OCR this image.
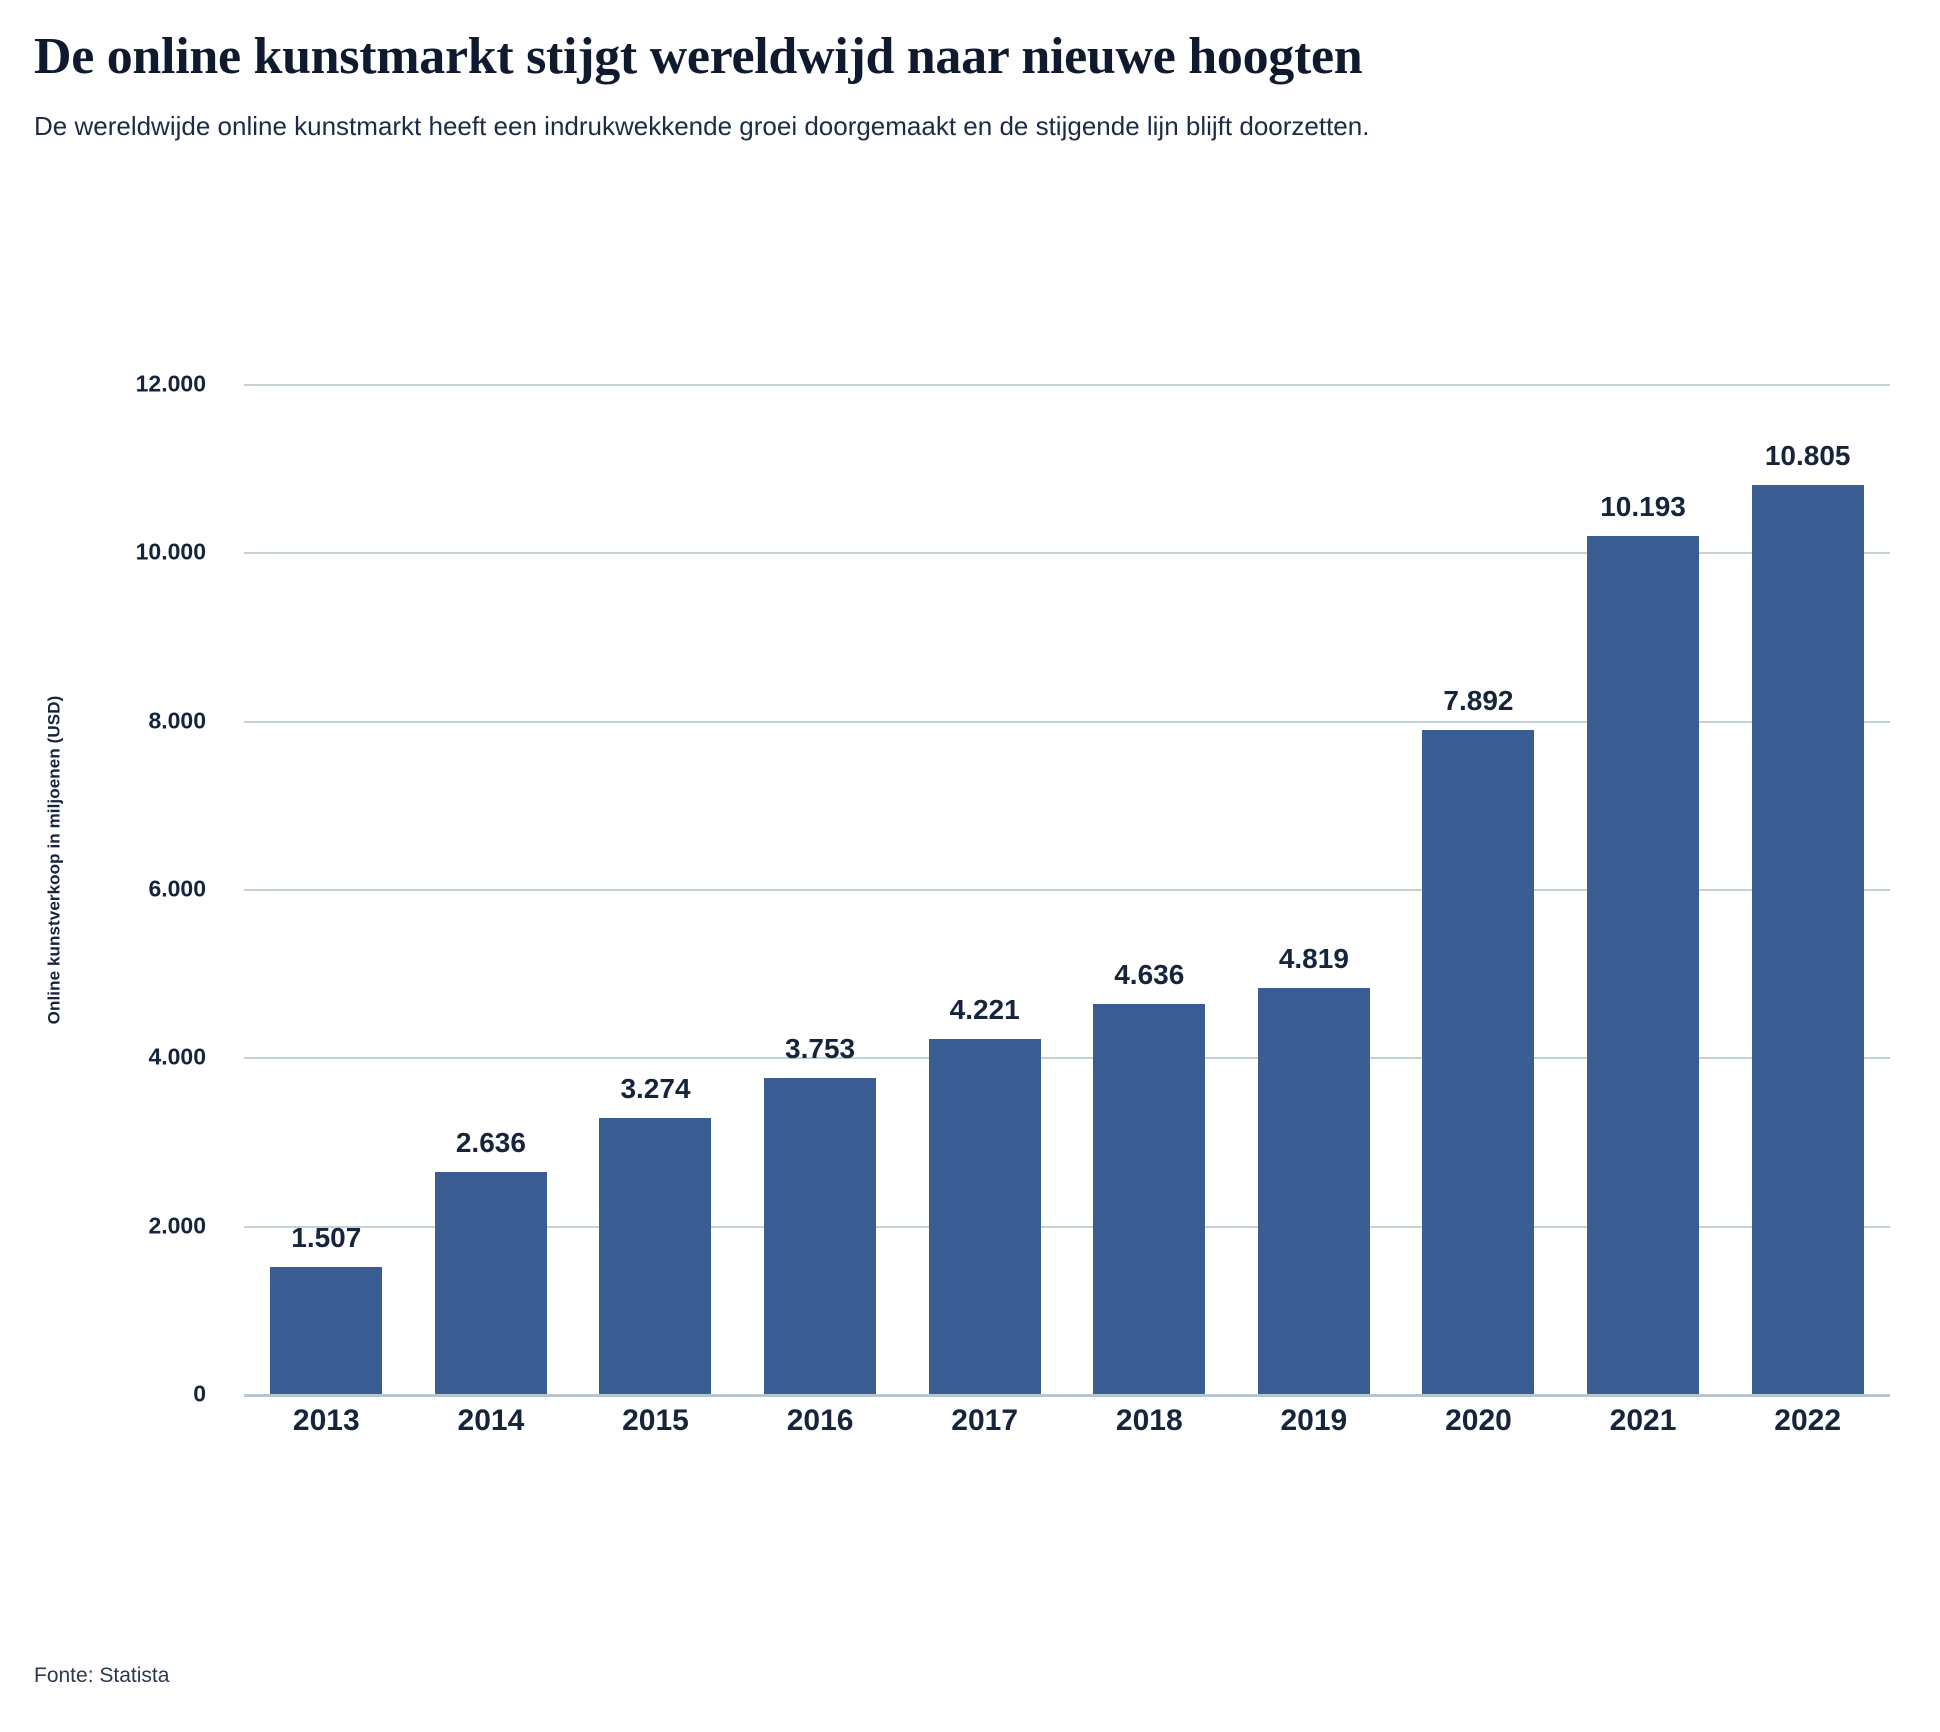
De online kunstmarkt stijgt wereldwijd naar nieuwe hoogten

De wereldwijde online kunstmarkt heeft een indrukwekkende groei doorgemaakt en de stijgende lijn blijft doorzetten.

Online kunstverkoop in miljoenen (USD)
0
2.000
4.000
6.000
8.000
10.000
12.000
1.507
2.636
3.274
3.753
4.221
4.636	4.819
7.892
10.193
10.805
2013	2014	2015	2016	2017	2018	2019	2020	2021	2022
Fonte: Statista
